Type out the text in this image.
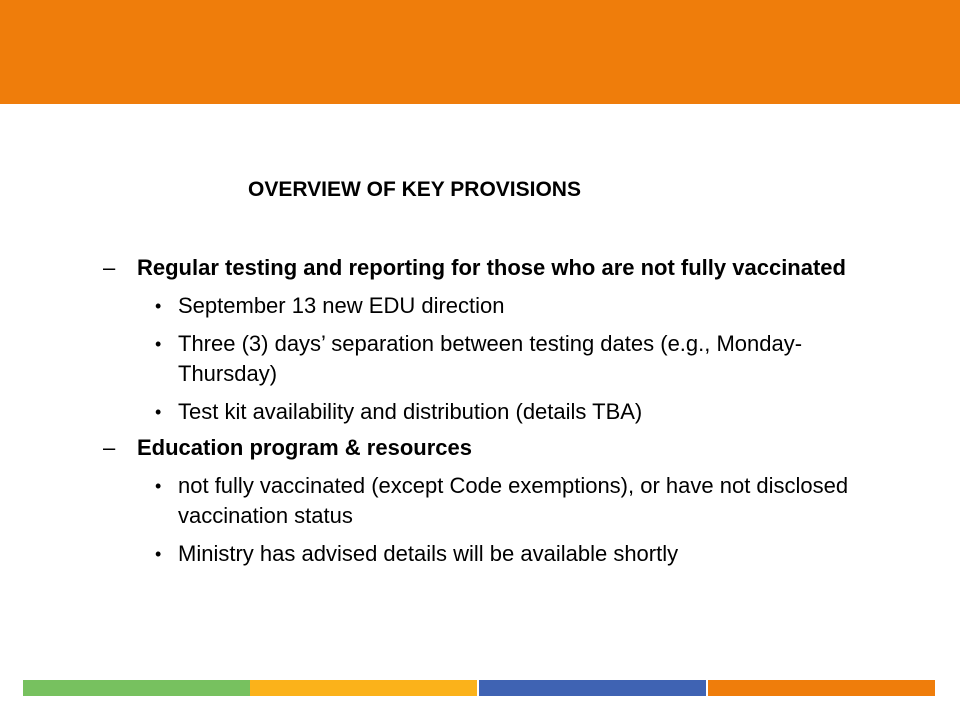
OVERVIEW OF KEY PROVISIONS
– Regular testing and reporting for those who are not fully vaccinated
• September 13 new EDU direction
• Three (3) days’ separation between testing dates (e.g., Monday-Thursday)
• Test kit availability and distribution (details TBA)
– Education program & resources
• not fully vaccinated (except Code exemptions), or have not disclosed vaccination status
• Ministry has advised details will be available shortly
